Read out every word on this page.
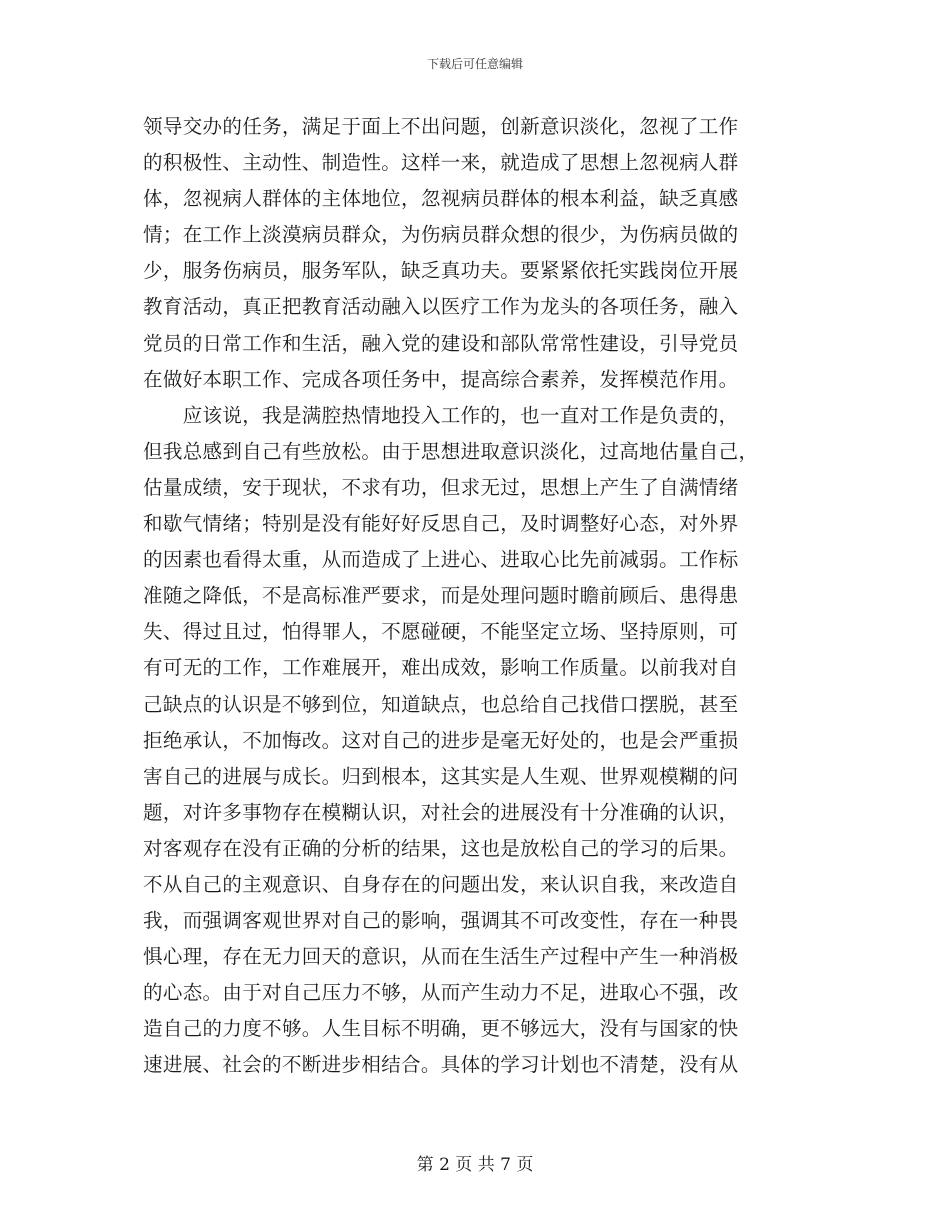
下载后可任意编辑
领导交办的任务，满足于面上不出问题，创新意识淡化，忽视了工作
的积极性、主动性、制造性。这样一来，就造成了思想上忽视病人群
体，忽视病人群体的主体地位，忽视病员群体的根本利益，缺乏真感
情；在工作上淡漠病员群众，为伤病员群众想的很少，为伤病员做的
少，服务伤病员，服务军队，缺乏真功夫。要紧紧依托实践岗位开展
教育活动，真正把教育活动融入以医疗工作为龙头的各项任务，融入
党员的日常工作和生活，融入党的建设和部队常常性建设，引导党员
在做好本职工作、完成各项任务中，提高综合素养，发挥模范作用。
　　应该说，我是满腔热情地投入工作的，也一直对工作是负责的，
但我总感到自己有些放松。由于思想进取意识淡化，过高地估量自己，
估量成绩，安于现状，不求有功，但求无过，思想上产生了自满情绪
和歇气情绪；特别是没有能好好反思自己，及时调整好心态，对外界
的因素也看得太重，从而造成了上进心、进取心比先前减弱。工作标
准随之降低，不是高标准严要求，而是处理问题时瞻前顾后、患得患
失、得过且过，怕得罪人，不愿碰硬，不能坚定立场、坚持原则，可
有可无的工作，工作难展开，难出成效，影响工作质量。以前我对自
己缺点的认识是不够到位，知道缺点，也总给自己找借口摆脱，甚至
拒绝承认，不加悔改。这对自己的进步是毫无好处的，也是会严重损
害自己的进展与成长。归到根本，这其实是人生观、世界观模糊的问
题，对许多事物存在模糊认识，对社会的进展没有十分准确的认识，
对客观存在没有正确的分析的结果，这也是放松自己的学习的后果。
不从自己的主观意识、自身存在的问题出发，来认识自我，来改造自
我，而强调客观世界对自己的影响，强调其不可改变性，存在一种畏
惧心理，存在无力回天的意识，从而在生活生产过程中产生一种消极
的心态。由于对自己压力不够，从而产生动力不足，进取心不强，改
造自己的力度不够。人生目标不明确，更不够远大，没有与国家的快
速进展、社会的不断进步相结合。具体的学习计划也不清楚，没有从
第 2 页 共 7 页
